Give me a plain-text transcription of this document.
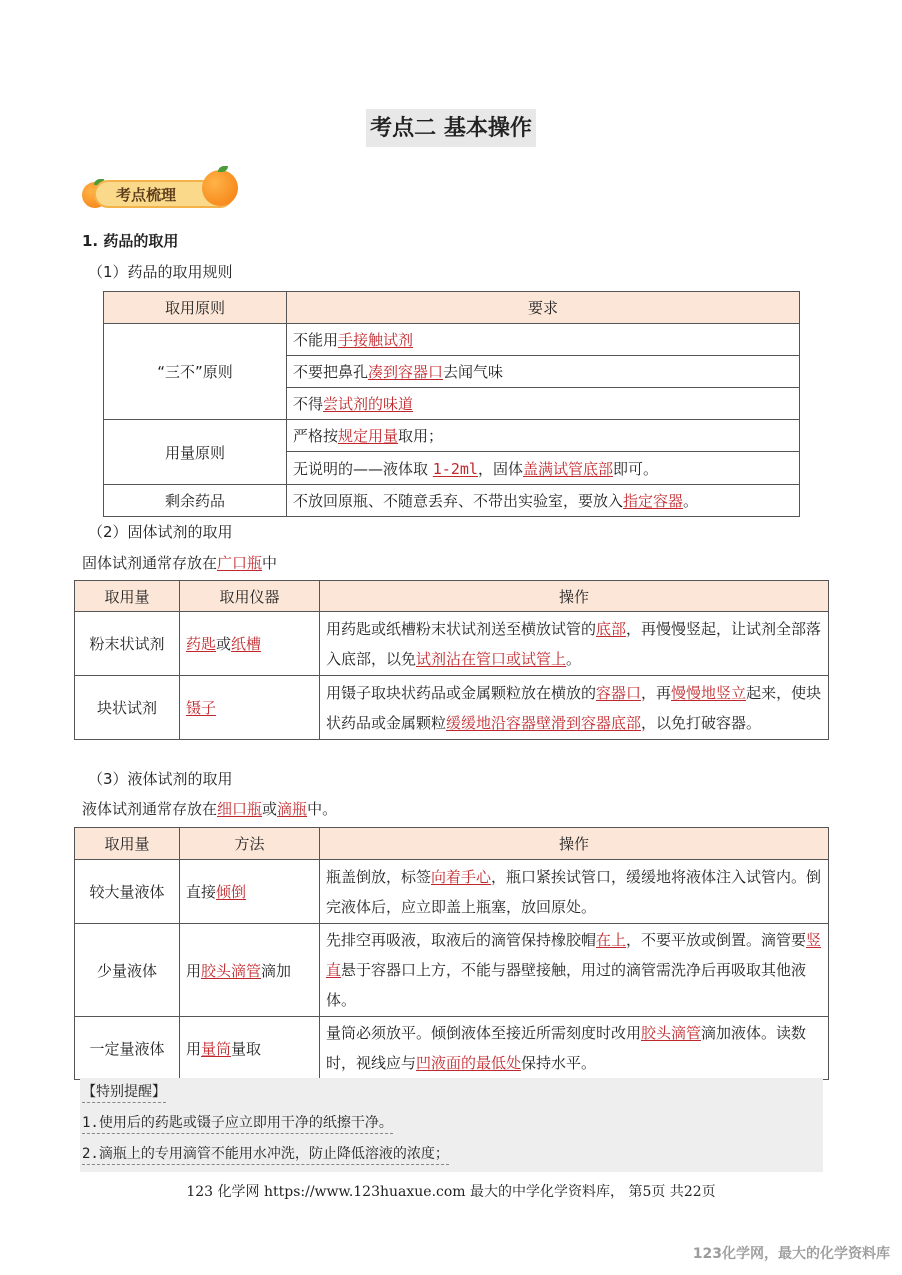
考点二 基本操作
考点梳理
1. 药品的取用
（1）药品的取用规则
取用原则	要求
“三不”原则	不能用手接触试剂
	不要把鼻孔凑到容器口去闻气味
	不得尝试剂的味道
用量原则	严格按规定用量取用；
	无说明的——液体取 1-2ml，固体盖满试管底部即可。
剩余药品	不放回原瓶、不随意丢弃、不带出实验室，要放入指定容器。
（2）固体试剂的取用
固体试剂通常存放在广口瓶中
取用量	取用仪器	操作
粉末状试剂	药匙或纸槽	用药匙或纸槽粉末状试剂送至横放试管的底部，再慢慢竖起，让试剂全部落入底部，以免试剂沾在管口或试管上。
块状试剂	镊子	用镊子取块状药品或金属颗粒放在横放的容器口，再慢慢地竖立起来，使块状药品或金属颗粒缓缓地沿容器壁滑到容器底部，以免打破容器。
（3）液体试剂的取用
液体试剂通常存放在细口瓶或滴瓶中。
取用量	方法	操作
较大量液体	直接倾倒	瓶盖倒放，标签向着手心，瓶口紧挨试管口，缓缓地将液体注入试管内。倒完液体后，应立即盖上瓶塞，放回原处。
少量液体	用胶头滴管滴加	先排空再吸液，取液后的滴管保持橡胶帽在上，不要平放或倒置。滴管要竖直悬于容器口上方，不能与器壁接触，用过的滴管需洗净后再吸取其他液体。
一定量液体	用量筒量取	量筒必须放平。倾倒液体至接近所需刻度时改用胶头滴管滴加液体。读数时，视线应与凹液面的最低处保持水平。
【特别提醒】
1.使用后的药匙或镊子应立即用干净的纸擦干净。
2.滴瓶上的专用滴管不能用水冲洗，防止降低溶液的浓度；
123 化学网 https://www.123huaxue.com 最大的中学化学资料库， 第5页 共22页
123化学网，最大的化学资料库
